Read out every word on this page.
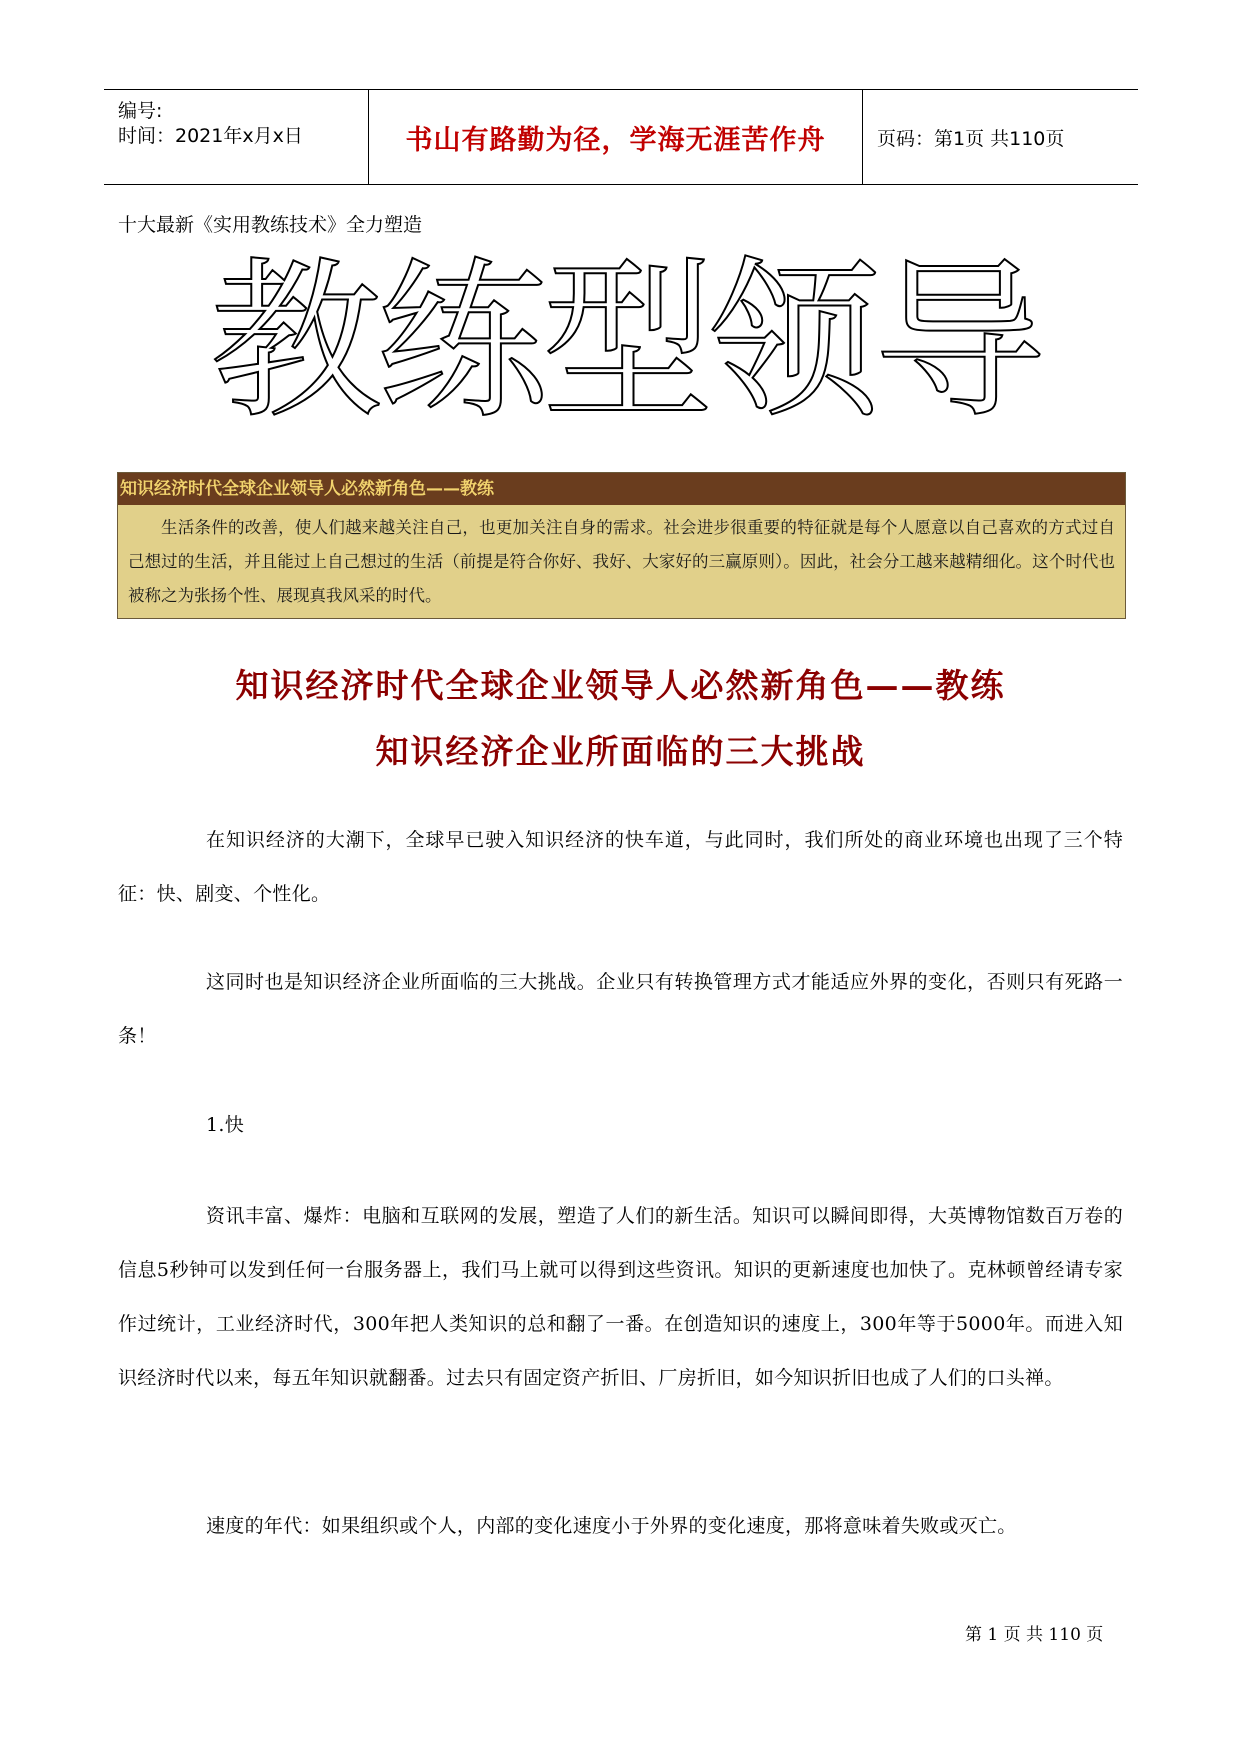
编号:
时间：2021年x月x日	书山有路勤为径，学海无涯苦作舟	页码：第1页 共110页
十大最新《实用教练技术》全力塑造
教练型领导
知识经济时代全球企业领导人必然新角色——教练
生活条件的改善，使人们越来越关注自己，也更加关注自身的需求。社会进步很重要的特征就是每个人愿意以自己喜欢的方式过自己想过的生活，并且能过上自己想过的生活（前提是符合你好、我好、大家好的三赢原则）。因此，社会分工越来越精细化。这个时代也被称之为张扬个性、展现真我风采的时代。
知识经济时代全球企业领导人必然新角色——教练
知识经济企业所面临的三大挑战
在知识经济的大潮下，全球早已驶入知识经济的快车道，与此同时，我们所处的商业环境也出现了三个特征：快、剧变、个性化。
这同时也是知识经济企业所面临的三大挑战。企业只有转换管理方式才能适应外界的变化，否则只有死路一条！
1.快
资讯丰富、爆炸：电脑和互联网的发展，塑造了人们的新生活。知识可以瞬间即得，大英博物馆数百万卷的信息5秒钟可以发到任何一台服务器上，我们马上就可以得到这些资讯。知识的更新速度也加快了。克林顿曾经请专家作过统计，工业经济时代，300年把人类知识的总和翻了一番。在创造知识的速度上，300年等于5000年。而进入知识经济时代以来，每五年知识就翻番。过去只有固定资产折旧、厂房折旧，如今知识折旧也成了人们的口头禅。
速度的年代：如果组织或个人，内部的变化速度小于外界的变化速度，那将意味着失败或灭亡。
第 1 页 共 110 页
